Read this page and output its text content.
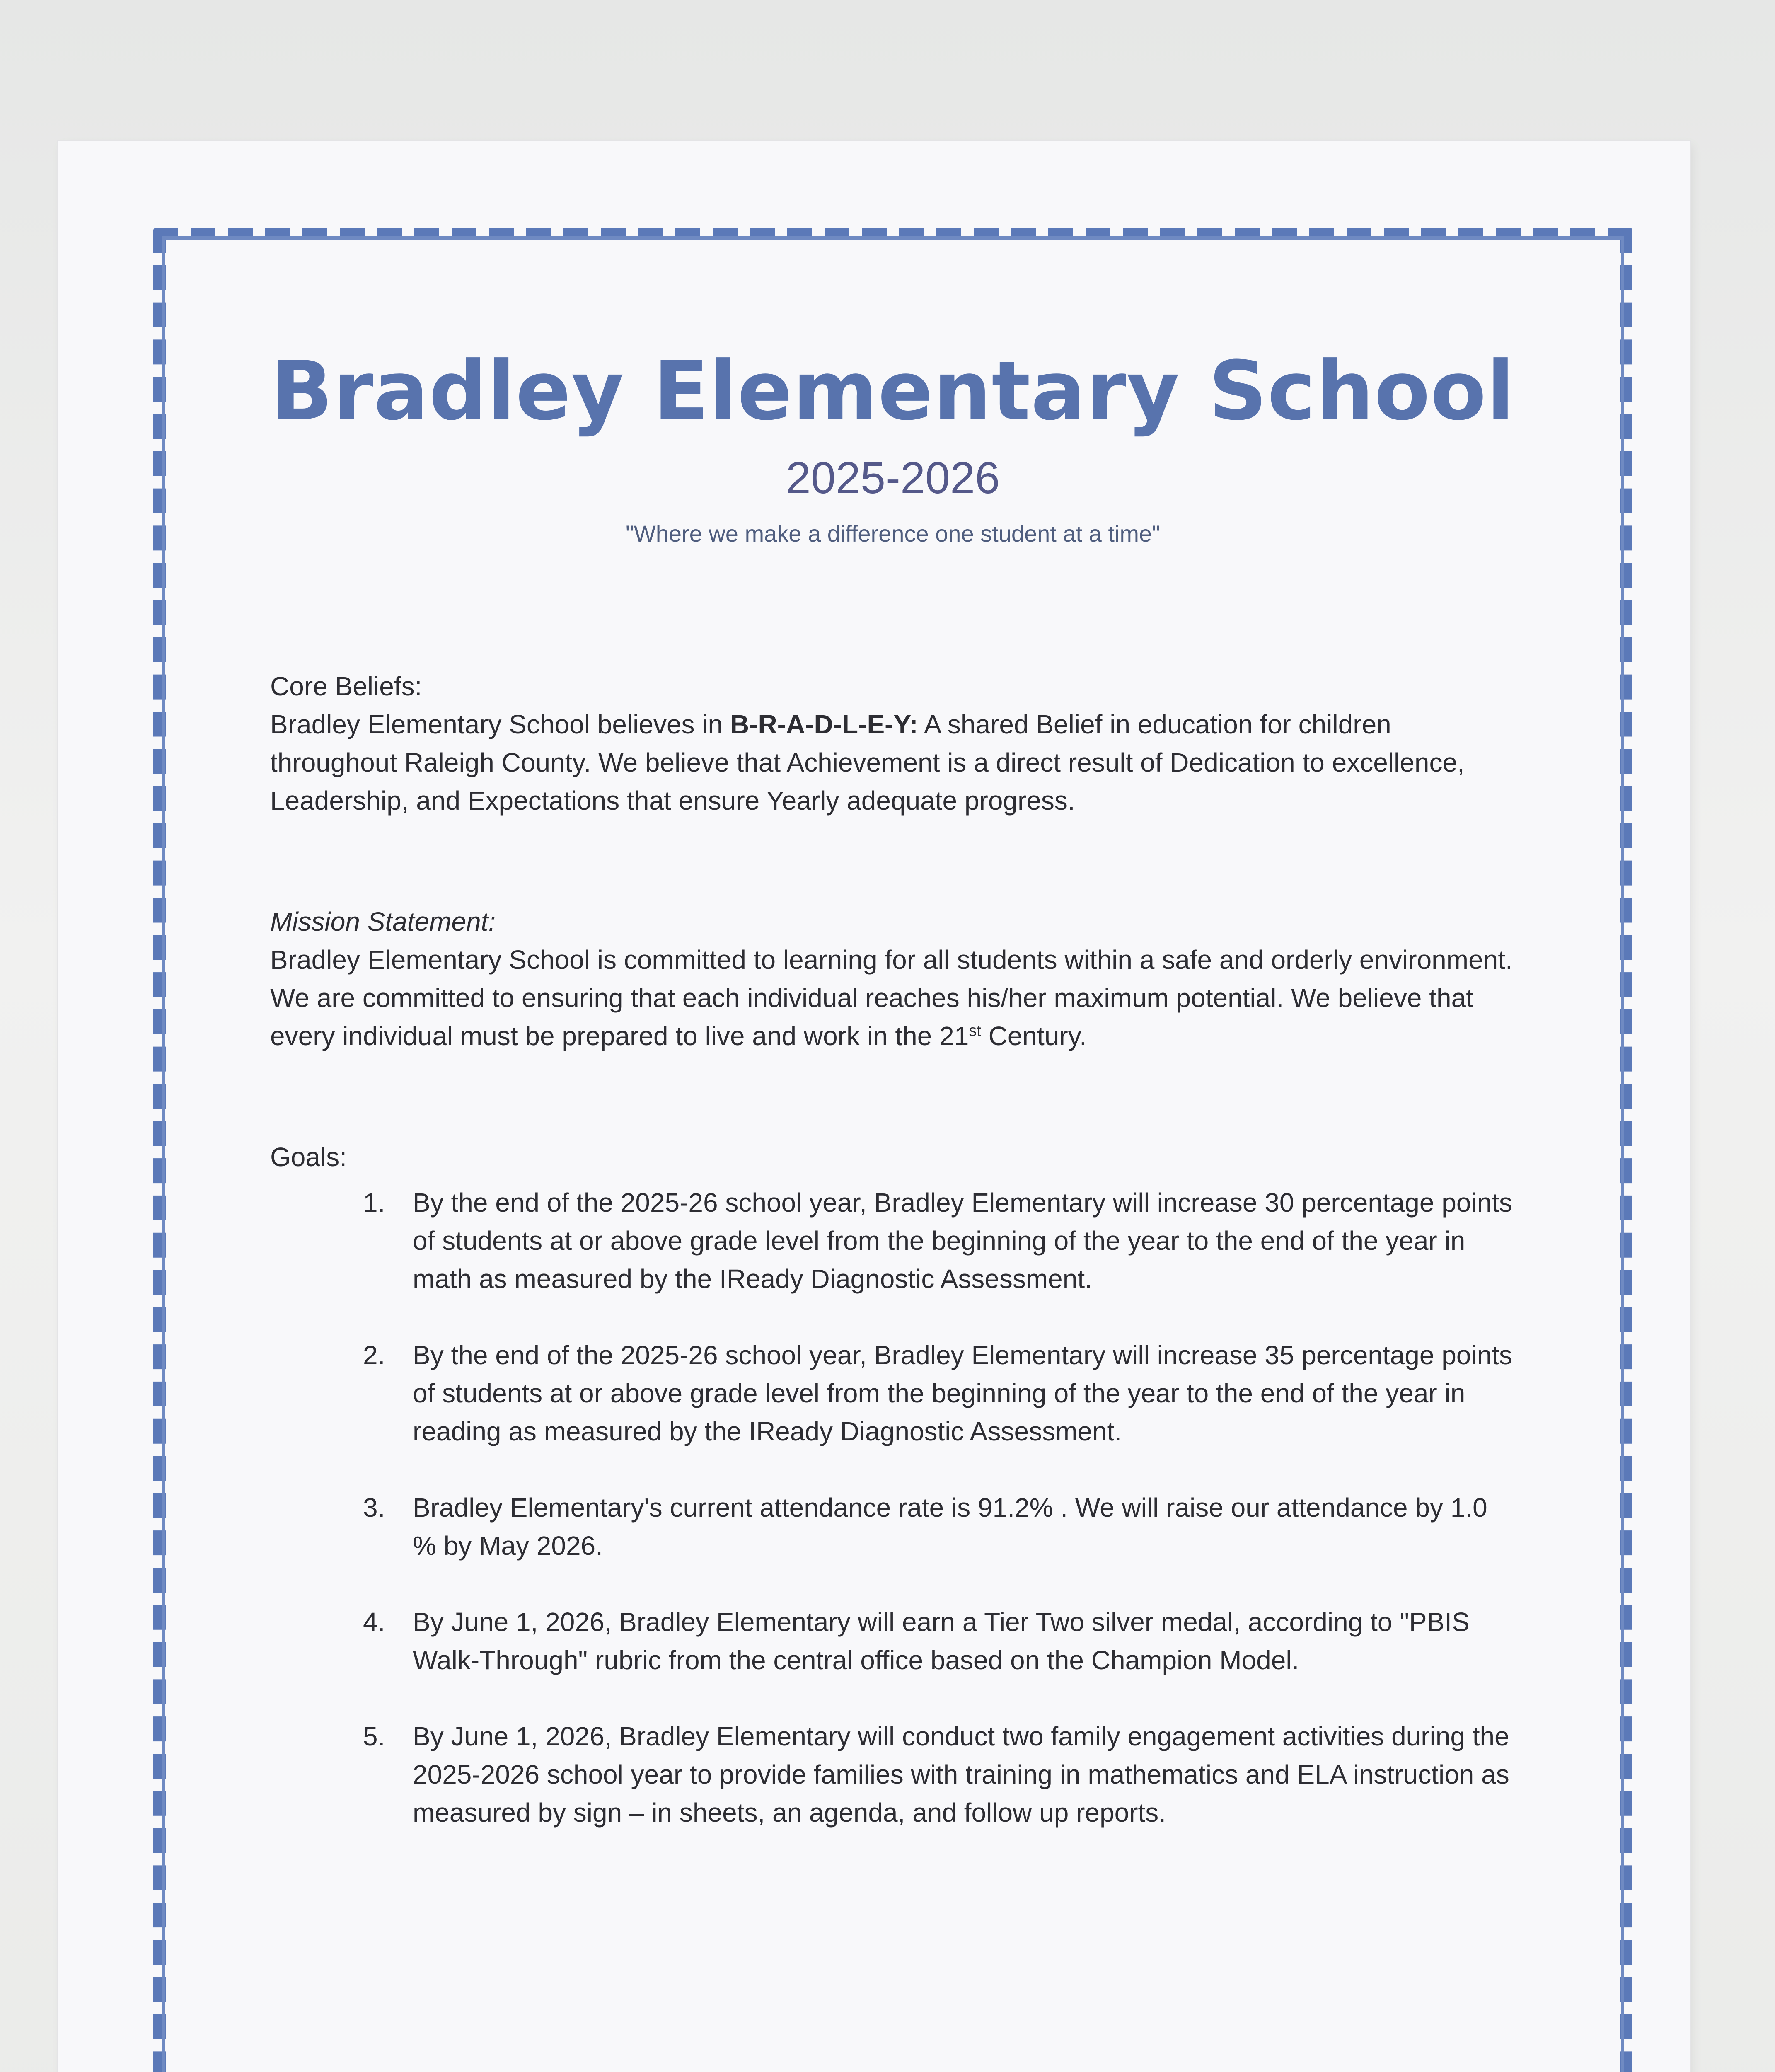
Bradley Elementary School
2025-2026
"Where we make a difference one student at a time"

Core Beliefs:

Bradley Elementary School believes in B-R-A-D-L-E-Y: A shared Belief in education for children throughout Raleigh County. We believe that Achievement is a direct result of Dedication to excellence, Leadership, and Expectations that ensure Yearly adequate progress.

Mission Statement:

Bradley Elementary School is committed to learning for all students within a safe and orderly environment. We are committed to ensuring that each individual reaches his/her maximum potential. We believe that every individual must be prepared to live and work in the 21st Century.

Goals:

1.	By the end of the 2025-26 school year, Bradley Elementary will increase 30 percentage points of students at or above grade level from the beginning of the year to the end of the year in math as measured by the IReady Diagnostic Assessment.
2.	By the end of the 2025-26 school year, Bradley Elementary will increase 35 percentage points of students at or above grade level from the beginning of the year to the end of the year in reading as measured by the IReady Diagnostic Assessment.
3.	Bradley Elementary's current attendance rate is 91.2% . We will raise our attendance by 1.0 % by May 2026.
4.	By June 1, 2026, Bradley Elementary will earn a Tier Two silver medal, according to "PBIS Walk-Through" rubric from the central office based on the Champion Model.
5.	By June 1, 2026, Bradley Elementary will conduct two family engagement activities during the 2025-2026 school year to provide families with training in mathematics and ELA instruction as measured by sign – in sheets, an agenda, and follow up reports.
